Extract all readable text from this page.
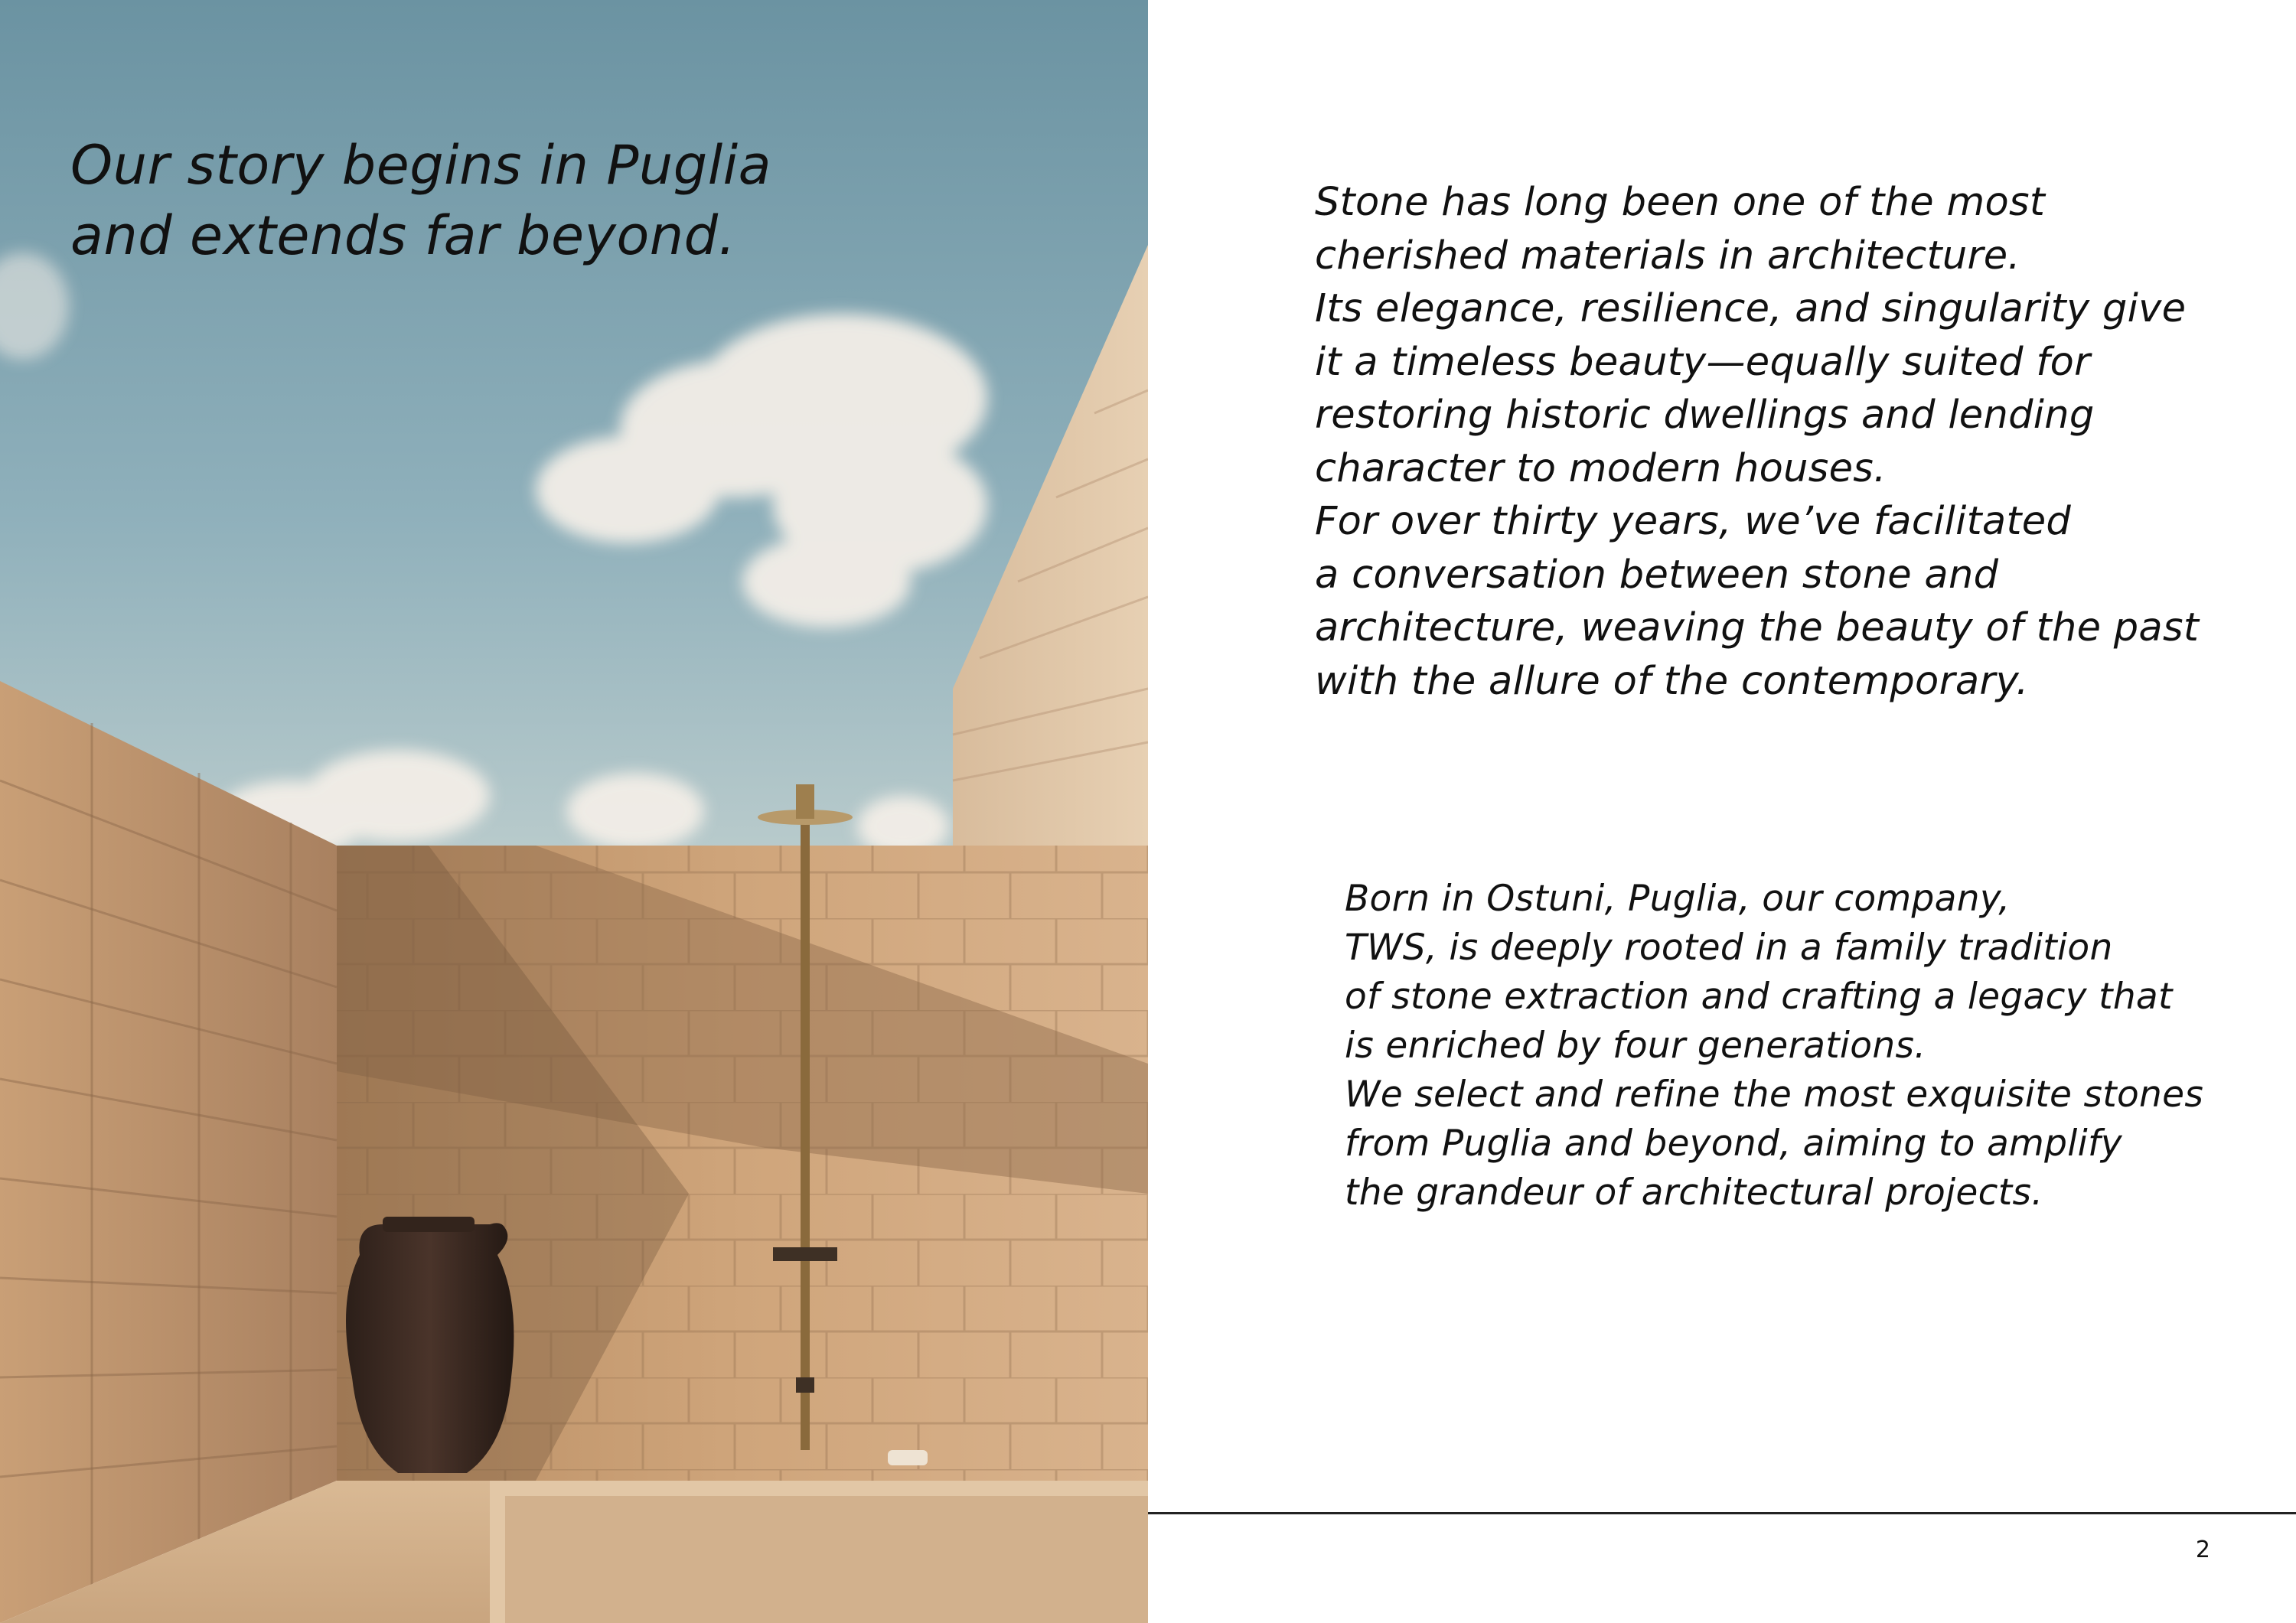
Our story begins in Puglia
and extends far beyond.
Stone has long been one of the most
cherished materials in architecture.
Its elegance, resilience, and singularity give
it a timeless beauty—equally suited for
restoring historic dwellings and lending
character to modern houses.
For over thirty years, we’ve facilitated
a conversation between stone and
architecture, weaving the beauty of the past
with the allure of the contemporary.
Born in Ostuni, Puglia, our company,
TWS, is deeply rooted in a family tradition
of stone extraction and crafting a legacy that
is enriched by four generations.
We select and refine the most exquisite stones
from Puglia and beyond, aiming to amplify
the grandeur of architectural projects.
2
